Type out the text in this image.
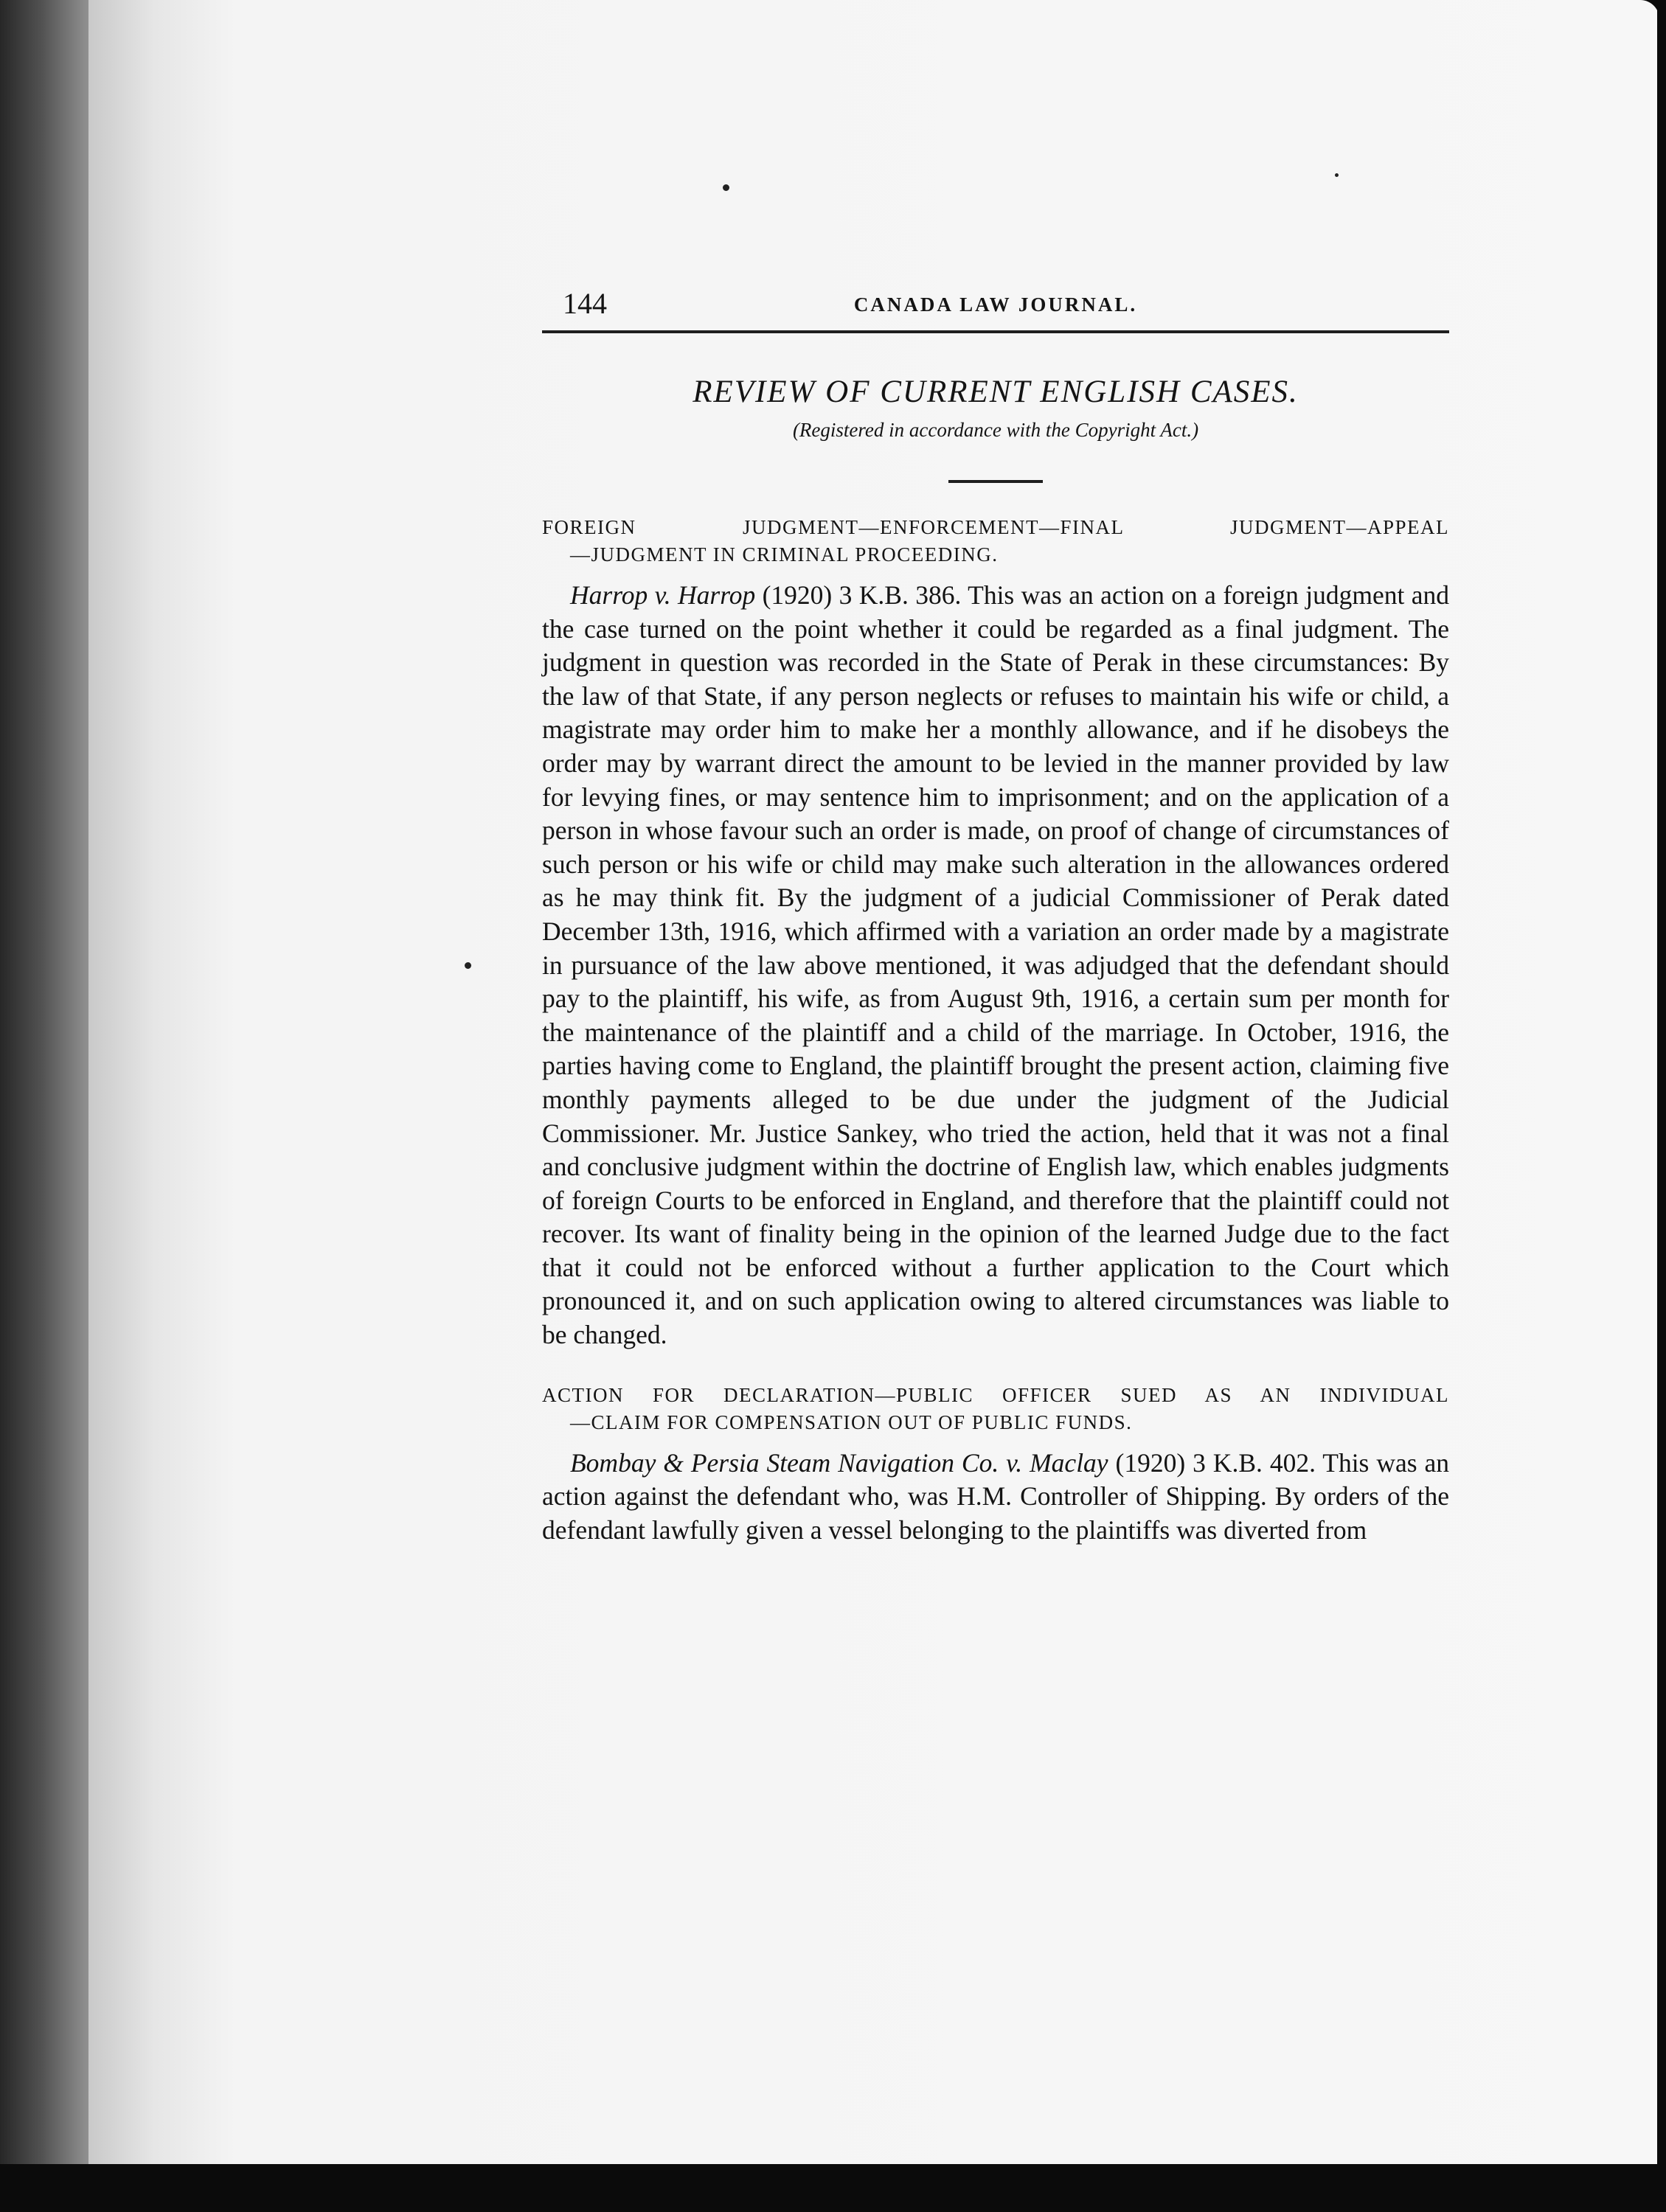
144	CANADA LAW JOURNAL.
REVIEW OF CURRENT ENGLISH CASES.
(Registered in accordance with the Copyright Act.)
FOREIGN JUDGMENT—ENFORCEMENT—FINAL JUDGMENT—APPEAL
—JUDGMENT IN CRIMINAL PROCEEDING.

Harrop v. Harrop (1920) 3 K.B. 386. This was an action on a foreign judgment and the case turned on the point whether it could be regarded as a final judgment. The judgment in question was recorded in the State of Perak in these circumstances: By the law of that State, if any person neglects or refuses to maintain his wife or child, a magistrate may order him to make her a monthly allowance, and if he disobeys the order may by warrant direct the amount to be levied in the manner provided by law for levying fines, or may sentence him to imprisonment; and on the application of a person in whose favour such an order is made, on proof of change of circumstances of such person or his wife or child may make such alteration in the allowances ordered as he may think fit. By the judgment of a judicial Commissioner of Perak dated December 13th, 1916, which affirmed with a variation an order made by a magistrate in pursuance of the law above mentioned, it was adjudged that the defendant should pay to the plaintiff, his wife, as from August 9th, 1916, a certain sum per month for the maintenance of the plaintiff and a child of the marriage. In October, 1916, the parties having come to England, the plaintiff brought the present action, claiming five monthly payments alleged to be due under the judgment of the Judicial Commissioner. Mr. Justice Sankey, who tried the action, held that it was not a final and conclusive judgment within the doctrine of English law, which enables judgments of foreign Courts to be enforced in England, and therefore that the plaintiff could not recover. Its want of finality being in the opinion of the learned Judge due to the fact that it could not be enforced without a further application to the Court which pronounced it, and on such application owing to altered circumstances was liable to be changed.

ACTION FOR DECLARATION—PUBLIC OFFICER SUED AS AN INDIVIDUAL
—CLAIM FOR COMPENSATION OUT OF PUBLIC FUNDS.

Bombay & Persia Steam Navigation Co. v. Maclay (1920) 3 K.B. 402. This was an action against the defendant who, was H.M. Controller of Shipping. By orders of the defendant lawfully given a vessel belonging to the plaintiffs was diverted from
